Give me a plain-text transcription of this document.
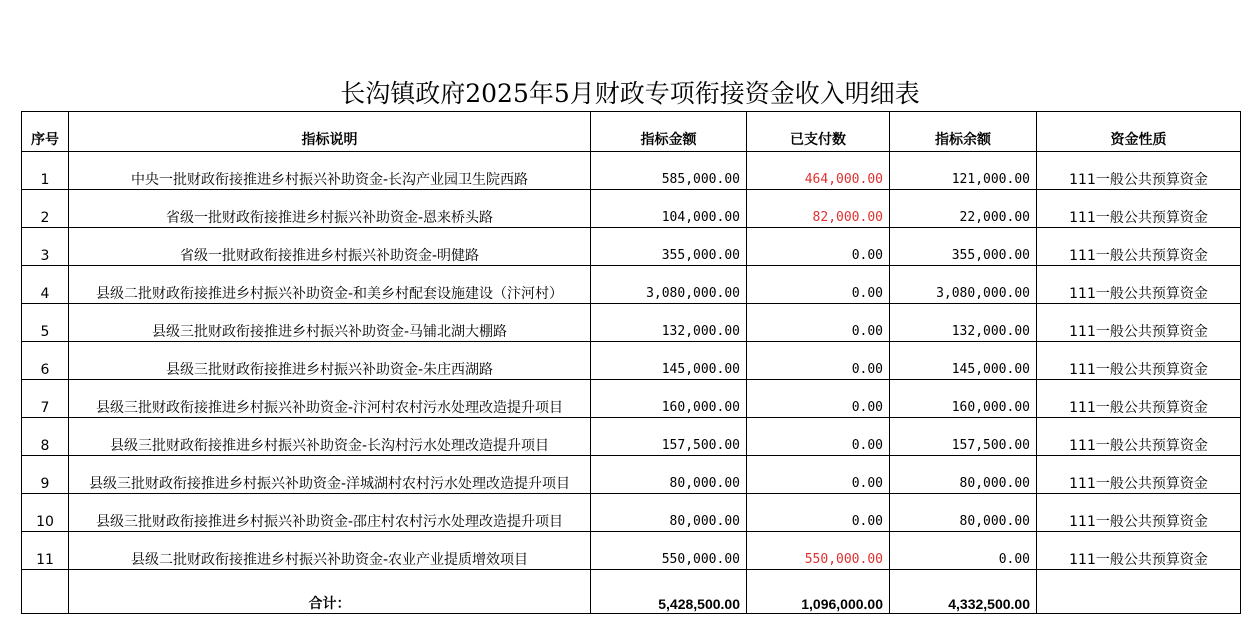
长沟镇政府2025年5月财政专项衔接资金收入明细表
序号	指标说明	指标金额	已支付数	指标余额	资金性质
1	中央一批财政衔接推进乡村振兴补助资金-长沟产业园卫生院西路	585,000.00	464,000.00	121,000.00	111一般公共预算资金
2	省级一批财政衔接推进乡村振兴补助资金-恩来桥头路	104,000.00	82,000.00	22,000.00	111一般公共预算资金
3	省级一批财政衔接推进乡村振兴补助资金-明健路	355,000.00	0.00	355,000.00	111一般公共预算资金
4	县级二批财政衔接推进乡村振兴补助资金-和美乡村配套设施建设（汴河村）	3,080,000.00	0.00	3,080,000.00	111一般公共预算资金
5	县级三批财政衔接推进乡村振兴补助资金-马铺北湖大棚路	132,000.00	0.00	132,000.00	111一般公共预算资金
6	县级三批财政衔接推进乡村振兴补助资金-朱庄西湖路	145,000.00	0.00	145,000.00	111一般公共预算资金
7	县级三批财政衔接推进乡村振兴补助资金-汴河村农村污水处理改造提升项目	160,000.00	0.00	160,000.00	111一般公共预算资金
8	县级三批财政衔接推进乡村振兴补助资金-长沟村污水处理改造提升项目	157,500.00	0.00	157,500.00	111一般公共预算资金
9	县级三批财政衔接推进乡村振兴补助资金-洋城湖村农村污水处理改造提升项目	80,000.00	0.00	80,000.00	111一般公共预算资金
10	县级三批财政衔接推进乡村振兴补助资金-邵庄村农村污水处理改造提升项目	80,000.00	0.00	80,000.00	111一般公共预算资金
11	县级二批财政衔接推进乡村振兴补助资金-农业产业提质增效项目	550,000.00	550,000.00	0.00	111一般公共预算资金
	合计：	5,428,500.00	1,096,000.00	4,332,500.00	
